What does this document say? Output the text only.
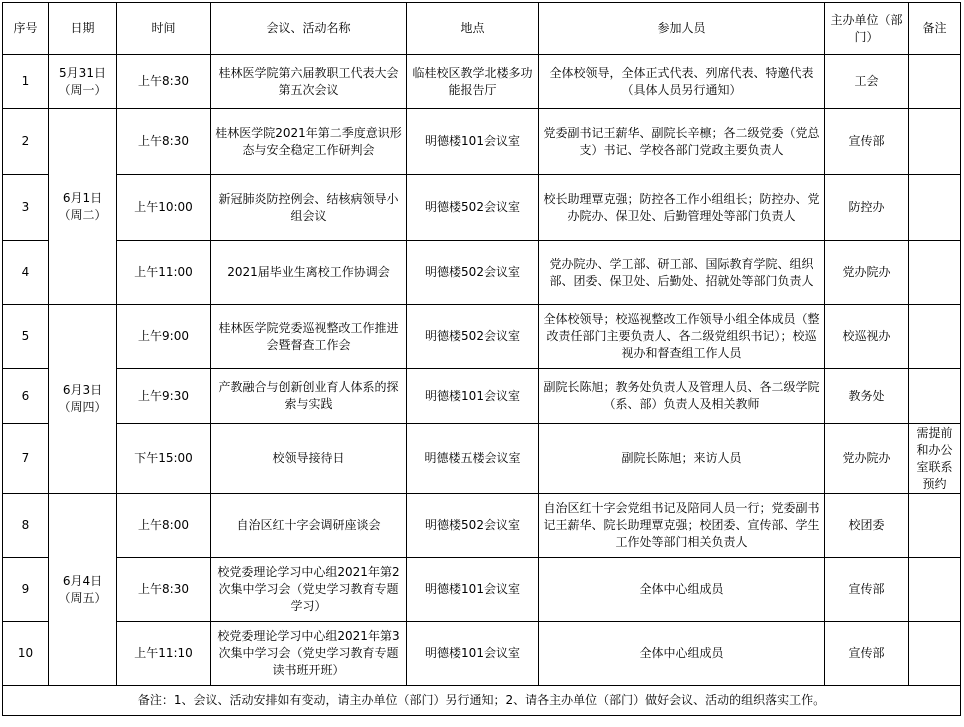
序号	日期	时间	会议、活动名称	地点	参加人员	主办单位（部门）	备注
1	5月31日（周一）	上午8:30	桂林医学院第六届教职工代表大会第五次会议	临桂校区教学北楼多功能报告厅	全体校领导，全体正式代表、列席代表、特邀代表（具体人员另行通知）	工会	
2	6月1日（周二）	上午8:30	桂林医学院2021年第二季度意识形态与安全稳定工作研判会	明德楼101会议室	党委副书记王薪华、副院长辛檩；各二级党委（党总支）书记、学校各部门党政主要负责人	宣传部	
3		上午10:00	新冠肺炎防控例会、结核病领导小组会议	明德楼502会议室	校长助理覃克强；防控各工作小组组长；防控办、党办院办、保卫处、后勤管理处等部门负责人	防控办	
4		上午11:00	2021届毕业生离校工作协调会	明德楼502会议室	党办院办、学工部、研工部、国际教育学院、组织部、团委、保卫处、后勤处、招就处等部门负责人	党办院办	
5	6月3日（周四）	上午9:00	桂林医学院党委巡视整改工作推进会暨督查工作会	明德楼502会议室	全体校领导；校巡视整改工作领导小组全体成员（整改责任部门主要负责人、各二级党组织书记）；校巡视办和督查组工作人员	校巡视办	
6		上午9:30	产教融合与创新创业育人体系的探索与实践	明德楼101会议室	副院长陈旭；教务处负责人及管理人员、各二级学院（系、部）负责人及相关教师	教务处	
7		下午15:00	校领导接待日	明德楼五楼会议室	副院长陈旭；来访人员	党办院办	需提前和办公室联系预约
8	6月4日（周五）	上午8:00	自治区红十字会调研座谈会	明德楼502会议室	自治区红十字会党组书记及陪同人员一行；党委副书记王薪华、院长助理覃克强；校团委、宣传部、学生工作处等部门相关负责人	校团委	
9		上午8:30	校党委理论学习中心组2021年第2次集中学习会（党史学习教育专题学习）	明德楼101会议室	全体中心组成员	宣传部	
10		上午11:10	校党委理论学习中心组2021年第3次集中学习会（党史学习教育专题读书班开班）	明德楼101会议室	全体中心组成员	宣传部	
备注：1、会议、活动安排如有变动，请主办单位（部门）另行通知；2、请各主办单位（部门）做好会议、活动的组织落实工作。							
